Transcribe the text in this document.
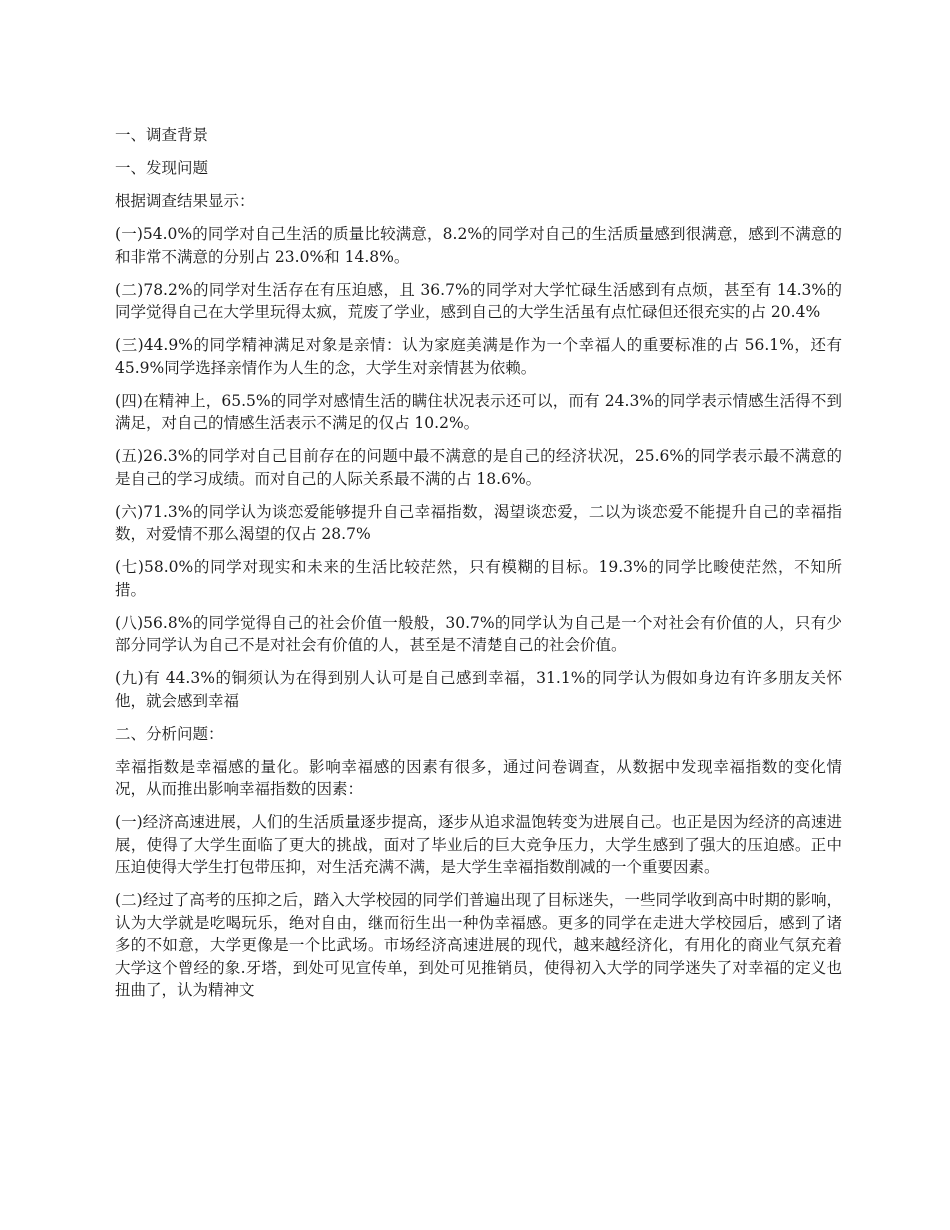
一、调查背景

一、发现问题

根据调查结果显示：

(一)54.0%的同学对自己生活的质量比较满意，8.2%的同学对自己的生活质量感到很满意，感到不满意的和非常不满意的分别占 23.0%和 14.8%。

(二)78.2%的同学对生活存在有压迫感，且 36.7%的同学对大学忙碌生活感到有点烦，甚至有 14.3%的同学觉得自己在大学里玩得太疯，荒废了学业，感到自己的大学生活虽有点忙碌但还很充实的占 20.4%

(三)44.9%的同学精神满足对象是亲情：认为家庭美满是作为一个幸福人的重要标准的占 56.1%，还有 45.9%同学选择亲情作为人生的念，大学生对亲情甚为依赖。

(四)在精神上，65.5%的同学对感情生活的瞒住状况表示还可以，而有 24.3%的同学表示情感生活得不到满足，对自己的情感生活表示不满足的仅占 10.2%。

(五)26.3%的同学对自己目前存在的问题中最不满意的是自己的经济状况，25.6%的同学表示最不满意的是自己的学习成绩。而对自己的人际关系最不满的占 18.6%。

(六)71.3%的同学认为谈恋爱能够提升自己幸福指数，渴望谈恋爱，二以为谈恋爱不能提升自己的幸福指数，对爱情不那么渴望的仅占 28.7%

(七)58.0%的同学对现实和未来的生活比较茫然，只有模糊的目标。19.3%的同学比畯使茫然，不知所措。

(八)56.8%的同学觉得自己的社会价值一般般，30.7%的同学认为自己是一个对社会有价值的人，只有少部分同学认为自己不是对社会有价值的人，甚至是不清楚自己的社会价值。

(九)有 44.3%的铜须认为在得到别人认可是自己感到幸福，31.1%的同学认为假如身边有许多朋友关怀他，就会感到幸福

二、分析问题：

幸福指数是幸福感的量化。影响幸福感的因素有很多，通过问卷调查，从数据中发现幸福指数的变化情况，从而推出影响幸福指数的因素：

(一)经济高速进展，人们的生活质量逐步提高，逐步从追求温饱转变为进展自己。也正是因为经济的高速进展，使得了大学生面临了更大的挑战，面对了毕业后的巨大竞争压力，大学生感到了强大的压迫感。正中压迫使得大学生打包带压抑，对生活充满不满，是大学生幸福指数削减的一个重要因素。

(二)经过了高考的压抑之后，踏入大学校园的同学们普遍出现了目标迷失，一些同学收到高中时期的影响，认为大学就是吃喝玩乐，绝对自由，继而衍生出一种伪幸福感。更多的同学在走进大学校园后，感到了诸多的不如意，大学更像是一个比武场。市场经济高速进展的现代，越来越经济化，有用化的商业气氛充着大学这个曾经的象.牙塔，到处可见宣传单，到处可见推销员，使得初入大学的同学迷失了对幸福的定义也扭曲了，认为精神文
